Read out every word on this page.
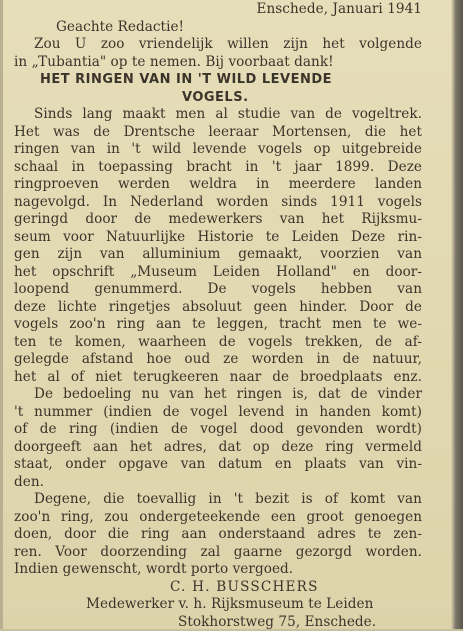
Enschede, Januari 1941
Geachte Redactie!
Zou U zoo vriendelijk willen zijn het volgende
in „Tubantia" op te nemen. Bij voorbaat dank!
HET RINGEN VAN IN 'T WILD LEVENDE
VOGELS.
Sinds lang maakt men al studie van de vogeltrek.
Het was de Drentsche leeraar Mortensen, die het
ringen van in 't wild levende vogels op uitgebreide
schaal in toepassing bracht in 't jaar 1899. Deze
ringproeven werden weldra in meerdere landen
nagevolgd. In Nederland worden sinds 1911 vogels
geringd door de medewerkers van het Rijksmu-
seum voor Natuurlijke Historie te Leiden Deze rin-
gen zijn van alluminium gemaakt, voorzien van
het opschrift „Museum Leiden Holland" en door-
loopend genummerd. De vogels hebben van
deze lichte ringetjes absoluut geen hinder. Door de
vogels zoo'n ring aan te leggen, tracht men te we-
ten te komen, waarheen de vogels trekken, de af-
gelegde afstand hoe oud ze worden in de natuur,
het al of niet terugkeeren naar de broedplaats enz.
De bedoeling nu van het ringen is, dat de vinder
't nummer (indien de vogel levend in handen komt)
of de ring (indien de vogel dood gevonden wordt)
doorgeeft aan het adres, dat op deze ring vermeld
staat, onder opgave van datum en plaats van vin-
den.
Degene, die toevallig in 't bezit is of komt van
zoo'n ring, zou ondergeteekende een groot genoegen
doen, door die ring aan onderstaand adres te zen-
ren. Voor doorzending zal gaarne gezorgd worden.
Indien gewenscht, wordt porto vergoed.
C. H. BUSSCHERS
Medewerker v. h. Rijksmuseum te Leiden
Stokhorstweg 75, Enschede.
